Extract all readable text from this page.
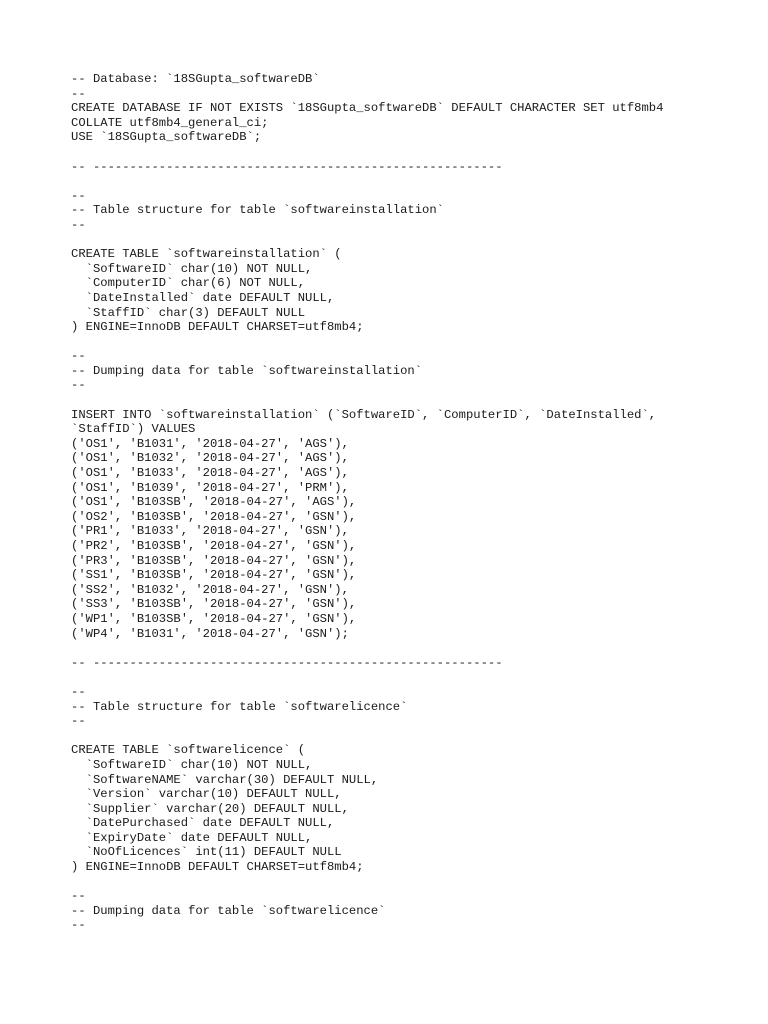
-- Database: `18SGupta_softwareDB`
--
CREATE DATABASE IF NOT EXISTS `18SGupta_softwareDB` DEFAULT CHARACTER SET utf8mb4
COLLATE utf8mb4_general_ci;
USE `18SGupta_softwareDB`;
-- --------------------------------------------------------
--
-- Table structure for table `softwareinstallation`
--
CREATE TABLE `softwareinstallation` (
`SoftwareID` char(10) NOT NULL,
`ComputerID` char(6) NOT NULL,
`DateInstalled` date DEFAULT NULL,
`StaffID` char(3) DEFAULT NULL
) ENGINE=InnoDB DEFAULT CHARSET=utf8mb4;
--
-- Dumping data for table `softwareinstallation`
--
INSERT INTO `softwareinstallation` (`SoftwareID`, `ComputerID`, `DateInstalled`,
`StaffID`) VALUES
('OS1', 'B1031', '2018-04-27', 'AGS'),
('OS1', 'B1032', '2018-04-27', 'AGS'),
('OS1', 'B1033', '2018-04-27', 'AGS'),
('OS1', 'B1039', '2018-04-27', 'PRM'),
('OS1', 'B103SB', '2018-04-27', 'AGS'),
('OS2', 'B103SB', '2018-04-27', 'GSN'),
('PR1', 'B1033', '2018-04-27', 'GSN'),
('PR2', 'B103SB', '2018-04-27', 'GSN'),
('PR3', 'B103SB', '2018-04-27', 'GSN'),
('SS1', 'B103SB', '2018-04-27', 'GSN'),
('SS2', 'B1032', '2018-04-27', 'GSN'),
('SS3', 'B103SB', '2018-04-27', 'GSN'),
('WP1', 'B103SB', '2018-04-27', 'GSN'),
('WP4', 'B1031', '2018-04-27', 'GSN');
-- --------------------------------------------------------
--
-- Table structure for table `softwarelicence`
--
CREATE TABLE `softwarelicence` (
`SoftwareID` char(10) NOT NULL,
`SoftwareNAME` varchar(30) DEFAULT NULL,
`Version` varchar(10) DEFAULT NULL,
`Supplier` varchar(20) DEFAULT NULL,
`DatePurchased` date DEFAULT NULL,
`ExpiryDate` date DEFAULT NULL,
`NoOfLicences` int(11) DEFAULT NULL
) ENGINE=InnoDB DEFAULT CHARSET=utf8mb4;
--
-- Dumping data for table `softwarelicence`
--
